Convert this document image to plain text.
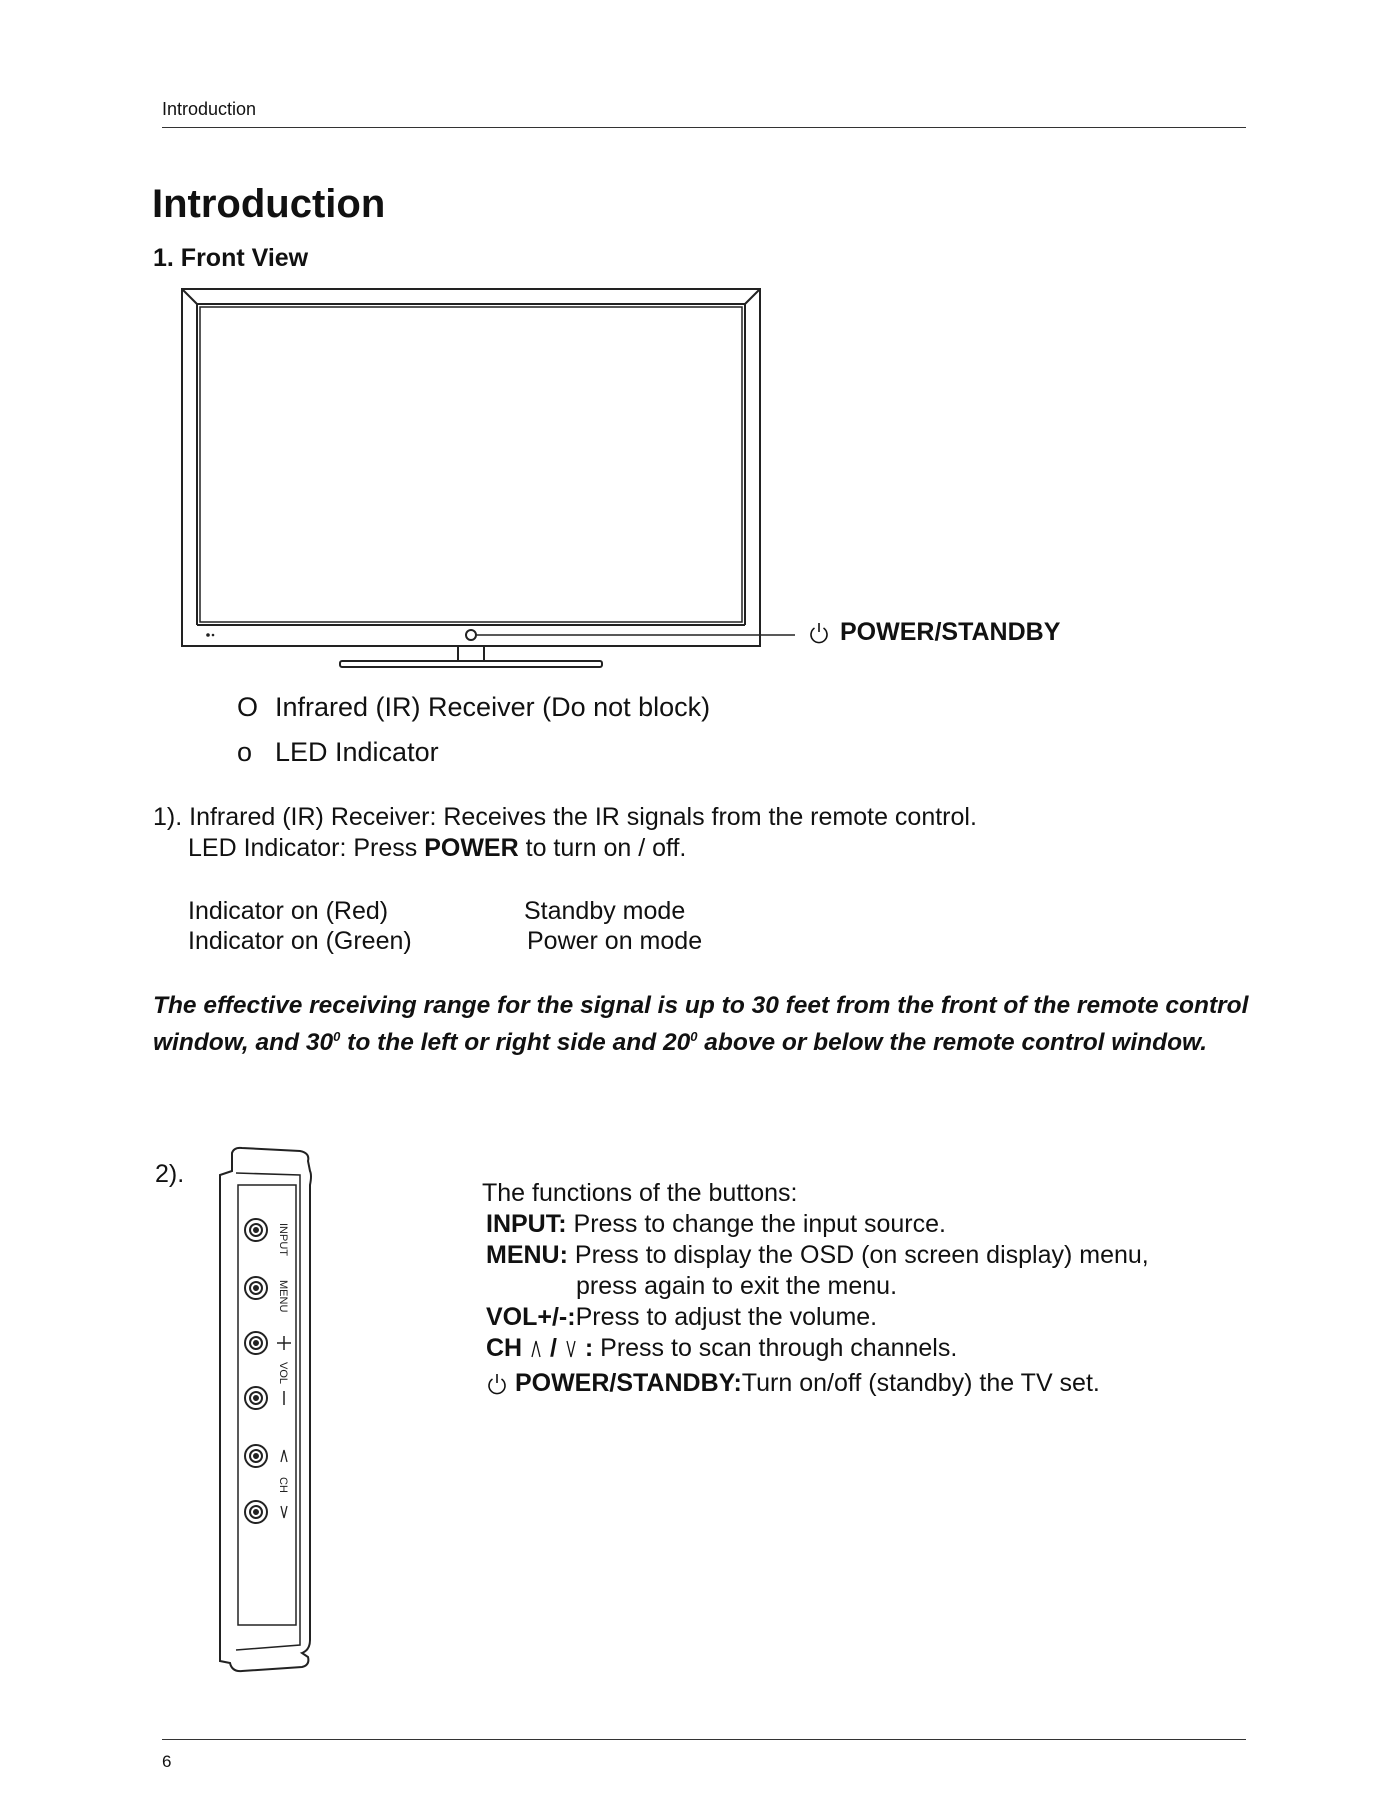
Introduction
Introduction
1. Front View
POWER/STANDBY
O Infrared (IR) Receiver (Do not block)
o LED Indicator
1). Infrared (IR) Receiver: Receives the IR signals from the remote control.
LED Indicator: Press POWER to turn on / off.
Indicator on (Red)	Standby mode
Indicator on (Green)	Power on mode
The effective receiving range for the signal is up to 30 feet from the front of the remote control window, and $30^0$ to the left or right side and $20^0$ above or below the remote control window.
2).
INPUT
MENU
VOL
CH
The functions of the buttons:
INPUT: Press to change the input source.
MENU: Press to display the OSD (on screen display) menu,
press again to exit the menu.
VOL+/-:Press to adjust the volume.
CH / : Press to scan through channels.
POWER/STANDBY:Turn on/off (standby) the TV set.
6
